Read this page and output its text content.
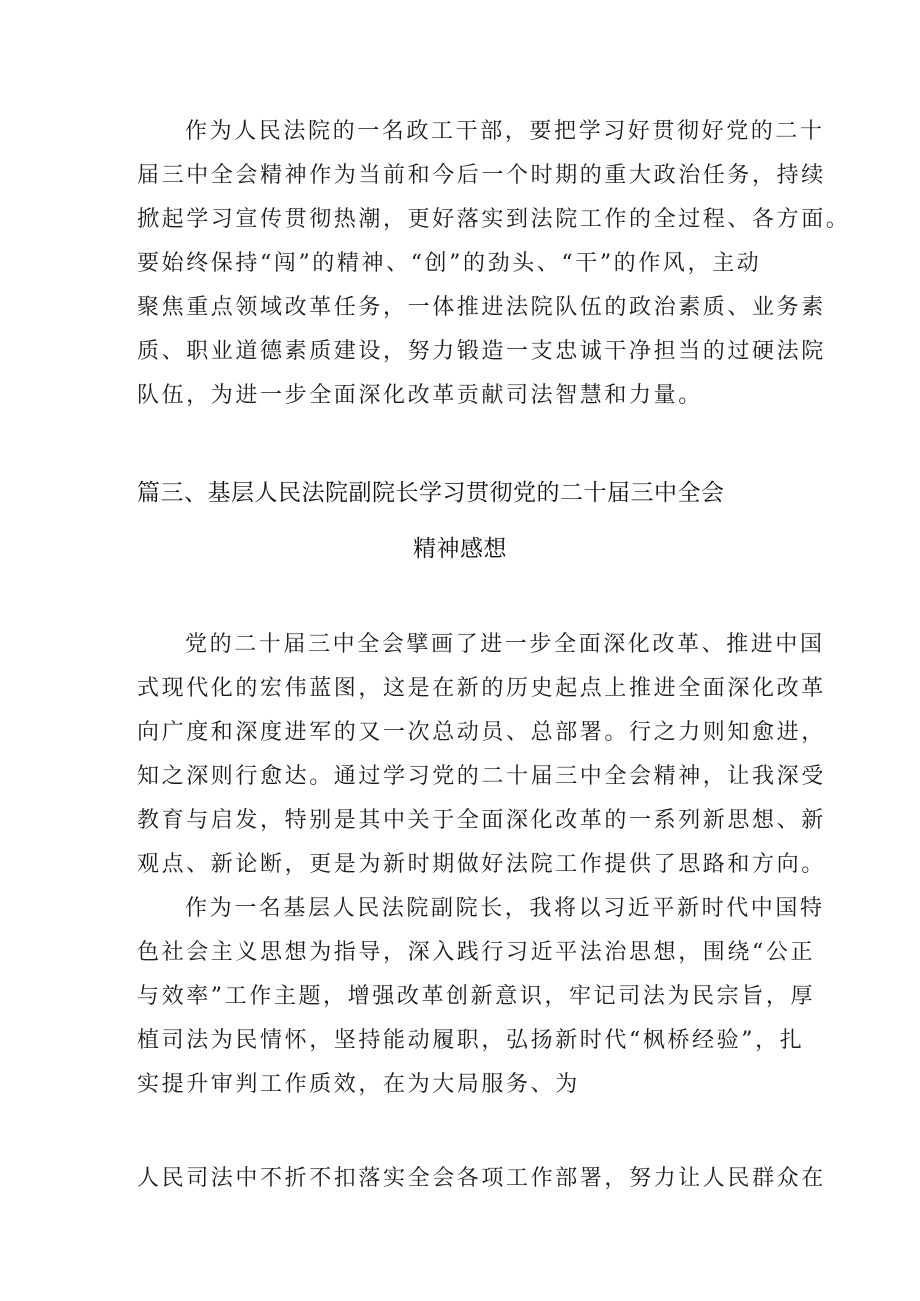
作为人民法院的一名政工干部，要把学习好贯彻好党的二十
届三中全会精神作为当前和今后一个时期的重大政治任务，持续
掀起学习宣传贯彻热潮，更好落实到法院工作的全过程、各方面。
要始终保持“闯”的精神、“创”的劲头、“干”的作风，主动
聚焦重点领域改革任务，一体推进法院队伍的政治素质、业务素
质、职业道德素质建设，努力锻造一支忠诚干净担当的过硬法院
队伍，为进一步全面深化改革贡献司法智慧和力量。
篇三、基层人民法院副院长学习贯彻党的二十届三中全会
精神感想
党的二十届三中全会擘画了进一步全面深化改革、推进中国
式现代化的宏伟蓝图，这是在新的历史起点上推进全面深化改革
向广度和深度进军的又一次总动员、总部署。行之力则知愈进，
知之深则行愈达。通过学习党的二十届三中全会精神，让我深受
教育与启发，特别是其中关于全面深化改革的一系列新思想、新
观点、新论断，更是为新时期做好法院工作提供了思路和方向。
作为一名基层人民法院副院长，我将以习近平新时代中国特
色社会主义思想为指导，深入践行习近平法治思想，围绕“公正
与效率”工作主题，增强改革创新意识，牢记司法为民宗旨，厚
植司法为民情怀，坚持能动履职，弘扬新时代“枫桥经验”，扎
实提升审判工作质效，在为大局服务、为
人民司法中不折不扣落实全会各项工作部署，努力让人民群众在
